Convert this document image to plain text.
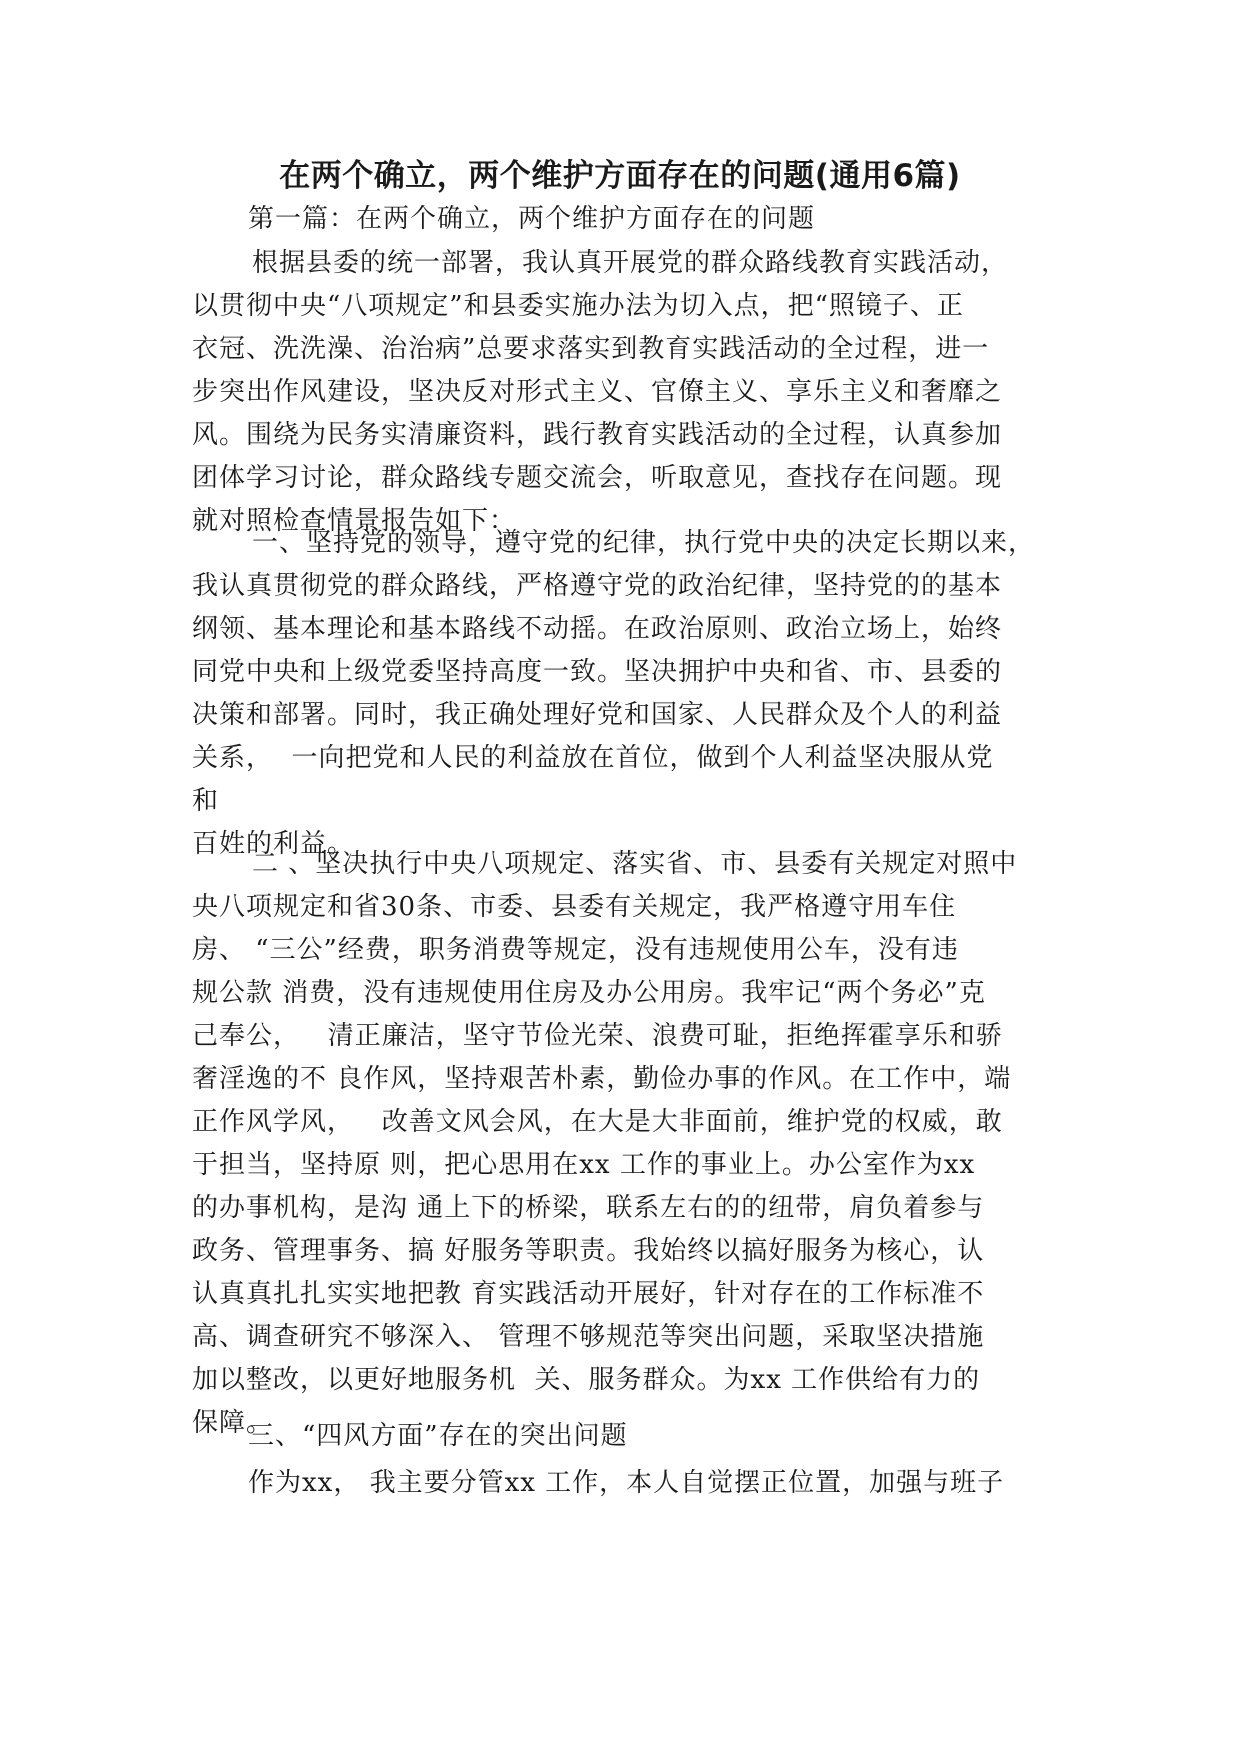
在两个确立，两个维护方面存在的问题(通用6篇)

第一篇：在两个确立，两个维护方面存在的问题

根据县委的统一部署，我认真开展党的群众路线教育实践活动，
以贯彻中央“八项规定”和县委实施办法为切入点，把“照镜子、正
衣冠、洗洗澡、治治病”总要求落实到教育实践活动的全过程，进一
步突出作风建设，坚决反对形式主义、官僚主义、享乐主义和奢靡之
风。围绕为民务实清廉资料，践行教育实践活动的全过程，认真参加
团体学习讨论，群众路线专题交流会，听取意见，查找存在问题。现
就对照检查情景报告如下：
一、坚持党的领导，遵守党的纪律，执行党中央的决定长期以来，
我认真贯彻党的群众路线，严格遵守党的政治纪律，坚持党的的基本
纲领、基本理论和基本路线不动摇。在政治原则、政治立场上，始终
同党中央和上级党委坚持高度一致。坚决拥护中央和省、市、县委的
决策和部署。同时，我正确处理好党和国家、人民群众及个人的利益
关系，  一向把党和人民的利益放在首位，做到个人利益坚决服从党
和
百姓的利益。
二 、坚决执行中央八项规定、落实省、市、县委有关规定对照中
央八项规定和省30条、市委、县委有关规定，我严格遵守用车住
房、 “三公”经费，职务消费等规定，没有违规使用公车，没有违
规公款 消费，没有违规使用住房及办公用房。我牢记“两个务必”克
己奉公，   清正廉洁，坚守节俭光荣、浪费可耻，拒绝挥霍享乐和骄
奢淫逸的不 良作风，坚持艰苦朴素，勤俭办事的作风。在工作中，端
正作风学风，   改善文风会风，在大是大非面前，维护党的权威，敢
于担当，坚持原 则，把心思用在xx 工作的事业上。办公室作为xx
的办事机构，是沟 通上下的桥梁，联系左右的的纽带，肩负着参与
政务、管理事务、搞 好服务等职责。我始终以搞好服务为核心，认
认真真扎扎实实地把教 育实践活动开展好，针对存在的工作标准不
高、调查研究不够深入、 管理不够规范等突出问题，采取坚决措施
加以整改，以更好地服务机  关、服务群众。为xx 工作供给有力的
保障。

三、“四风方面”存在的突出问题

作为xx， 我主要分管xx 工作，本人自觉摆正位置，加强与班子
